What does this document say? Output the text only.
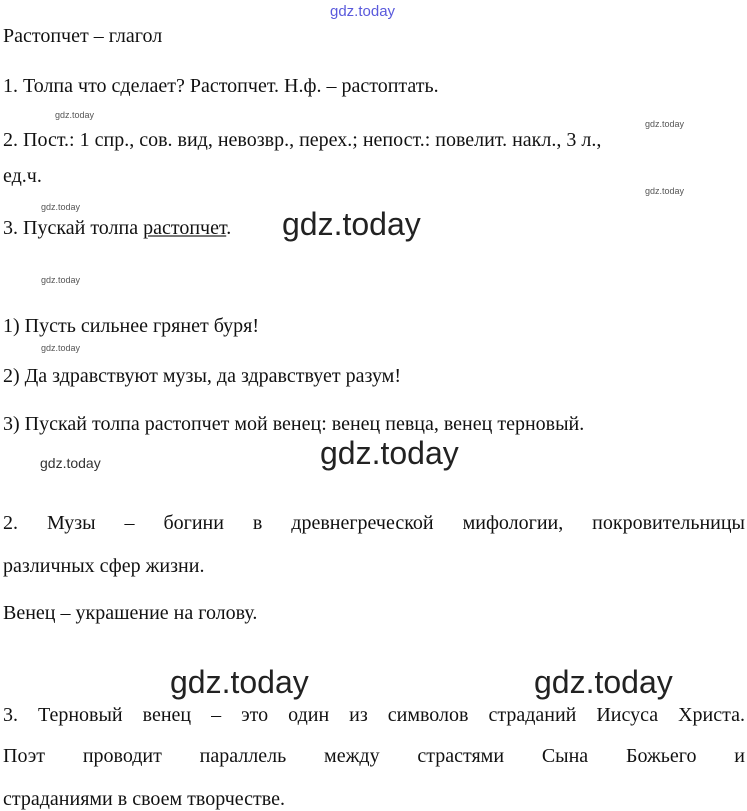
gdz.today
gdz.today
gdz.today
gdz.today
gdz.today	gdz.today
gdz.today
gdz.today
gdz.today	gdz.today
gdz.today	gdz.today
Растопчет – глагол
1. Толпа что сделает? Растопчет. Н.ф. – растоптать.
2. Пост.: 1 спр., сов. вид, невозвр., перех.; непост.: повелит. накл., 3 л.,
ед.ч.
3. Пускай толпа растопчет.
1) Пусть сильнее грянет буря!
2) Да здравствуют музы, да здравствует разум!
3) Пускай толпа растопчет мой венец: венец певца, венец терновый.
2. Музы – богини в древнегреческой мифологии, покровительницы
различных сфер жизни.
Венец – украшение на голову.
3. Терновый венец – это один из символов страданий Иисуса Христа.
Поэт проводит параллель между страстями Сына Божьего и
страданиями в своем творчестве.
